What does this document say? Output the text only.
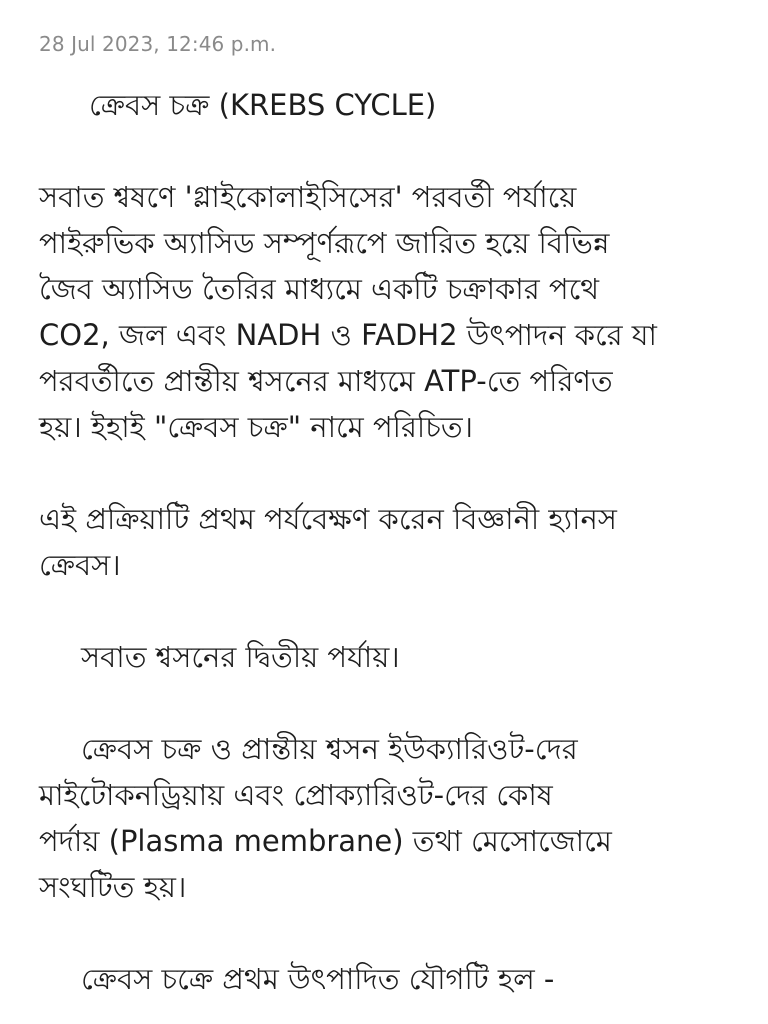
28 Jul 2023, 12:46 p.m.

ক্রেবস চক্র (KREBS CYCLE)

সবাত শ্বষণে 'গ্লাইকোলাইসিসের' পরবর্তী পর্যায়ে

পাইরুভিক অ্যাসিড সম্পূর্ণরূপে জারিত হয়ে বিভিন্ন

জৈব অ্যাসিড তৈরির মাধ্যমে একটি চক্রাকার পথে

CO2, জল এবং NADH ও FADH2 উৎপাদন করে যা

পরবর্তীতে প্রান্তীয় শ্বসনের মাধ্যমে ATP-তে পরিণত

হয়। ইহাই "ক্রেবস চক্র" নামে পরিচিত।

এই প্রক্রিয়াটি প্রথম পর্যবেক্ষণ করেন বিজ্ঞানী হ্যানস

ক্রেবস।

সবাত শ্বসনের দ্বিতীয় পর্যায়।

ক্রেবস চক্র ও প্রান্তীয় শ্বসন ইউক্যারিওট-দের

মাইটোকনড্রিয়ায় এবং প্রোক্যারিওট-দের কোষ

পর্দায় (Plasma membrane) তথা মেসোজোমে

সংঘটিত হয়।

ক্রেবস চক্রে প্রথম উৎপাদিত যৌগটি হল -
